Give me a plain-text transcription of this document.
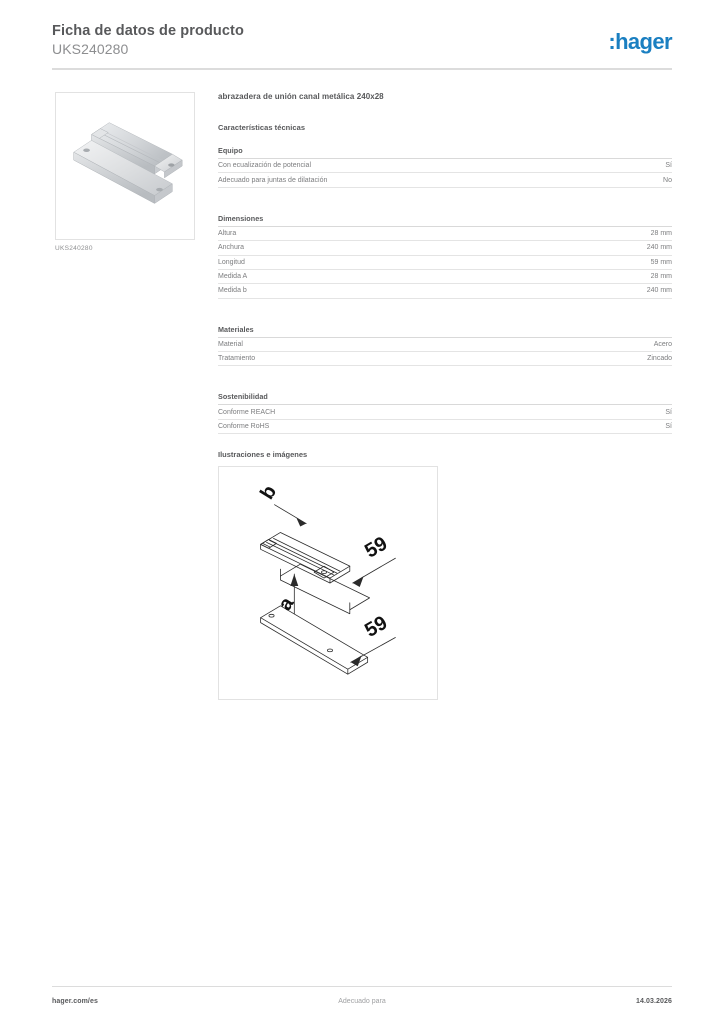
Ficha de datos de producto
UKS240280	:hager
UKS240280
abrazadera de unión canal metálica 240x28
Características técnicas
Equipo
Con ecualización de potencial	Sí
Adecuado para juntas de dilatación	No
Dimensiones
Altura	28 mm
Anchura	240 mm
Longitud	59 mm
Medida A	28 mm
Medida b	240 mm
Materiales
Material	Acero
Tratamiento	Zincado
Sostenibilidad
Conforme REACH	Sí
Conforme RoHS	Sí
Ilustraciones e imágenes
b
a
59
59
hager.com/es	Adecuado para	14.03.2026
